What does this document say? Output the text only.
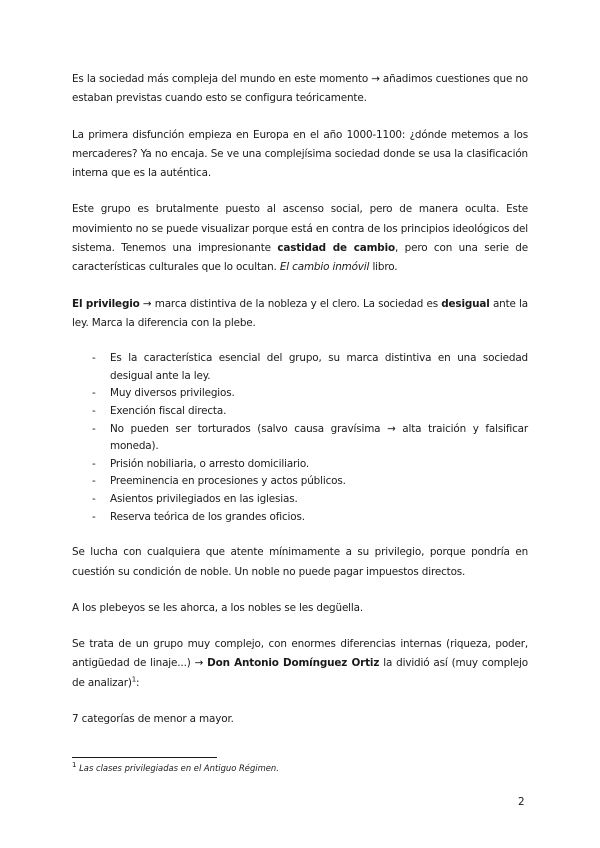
Es la sociedad más compleja del mundo en este momento → añadimos cuestiones que no estaban previstas cuando esto se configura teóricamente.

La primera disfunción empieza en Europa en el año 1000-1100: ¿dónde metemos a los mercaderes? Ya no encaja. Se ve una complejísima sociedad donde se usa la clasificación interna que es la auténtica.

Este grupo es brutalmente puesto al ascenso social, pero de manera oculta. Este movimiento no se puede visualizar porque está en contra de los principios ideológicos del sistema. Tenemos una impresionante castidad de cambio, pero con una serie de características culturales que lo ocultan. El cambio inmóvil libro.

El privilegio → marca distintiva de la nobleza y el clero. La sociedad es desigual ante la ley. Marca la diferencia con la plebe.

- Es la característica esencial del grupo, su marca distintiva en una sociedad desigual ante la ley.
- Muy diversos privilegios.
- Exención fiscal directa.
- No pueden ser torturados (salvo causa gravísima → alta traición y falsificar moneda).
- Prisión nobiliaria, o arresto domiciliario.
- Preeminencia en procesiones y actos públicos.
- Asientos privilegiados en las iglesias.
- Reserva teórica de los grandes oficios.

Se lucha con cualquiera que atente mínimamente a su privilegio, porque pondría en cuestión su condición de noble. Un noble no puede pagar impuestos directos.

A los plebeyos se les ahorca, a los nobles se les degüella.

Se trata de un grupo muy complejo, con enormes diferencias internas (riqueza, poder, antigüedad de linaje...) → Don Antonio Domínguez Ortiz la dividió así (muy complejo de analizar)$^1$:

7 categorías de menor a mayor.

$^1$ Las clases privilegiadas en el Antiguo Régimen.
2
